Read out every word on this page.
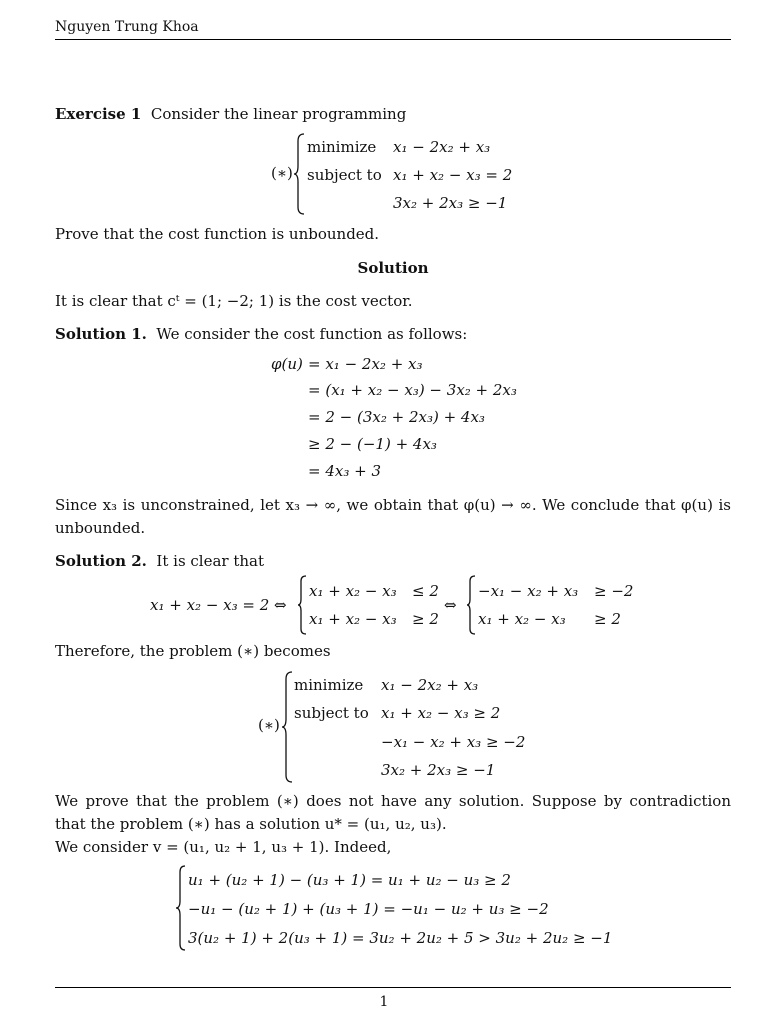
Nguyen Trung Khoa
Exercise 1 Consider the linear programming
(∗)
minimize x₁ − 2x₂ + x₃
subject to x₁ + x₂ − x₃ = 2
3x₂ + 2x₃ ≥ −1
Prove that the cost function is unbounded.
Solution
It is clear that cᵗ = (1; −2; 1) is the cost vector.
Solution 1. We consider the cost function as follows:
φ(u) = x₁ − 2x₂ + x₃
= (x₁ + x₂ − x₃) − 3x₂ + 2x₃
= 2 − (3x₂ + 2x₃) + 4x₃
≥ 2 − (−1) + 4x₃
= 4x₃ + 3
Since x₃ is unconstrained, let x₃ → ∞, we obtain that φ(u) → ∞. We conclude that φ(u) is unbounded.
Solution 2. It is clear that
x₁ + x₂ − x₃ = 2 ⇔
x₁ + x₂ − x₃ ≤ 2
x₁ + x₂ − x₃ ≥ 2
⇔
−x₁ − x₂ + x₃ ≥ −2
x₁ + x₂ − x₃ ≥ 2
Therefore, the problem (∗) becomes
(∗)
minimize x₁ − 2x₂ + x₃
subject to x₁ + x₂ − x₃ ≥ 2
−x₁ − x₂ + x₃ ≥ −2
3x₂ + 2x₃ ≥ −1
We prove that the problem (∗) does not have any solution. Suppose by contradiction that the problem (∗) has a solution u* = (u₁, u₂, u₃).
We consider v = (u₁, u₂ + 1, u₃ + 1). Indeed,
u₁ + (u₂ + 1) − (u₃ + 1) = u₁ + u₂ − u₃ ≥ 2
−u₁ − (u₂ + 1) + (u₃ + 1) = −u₁ − u₂ + u₃ ≥ −2
3(u₂ + 1) + 2(u₃ + 1) = 3u₂ + 2u₂ + 5 > 3u₂ + 2u₂ ≥ −1
1
